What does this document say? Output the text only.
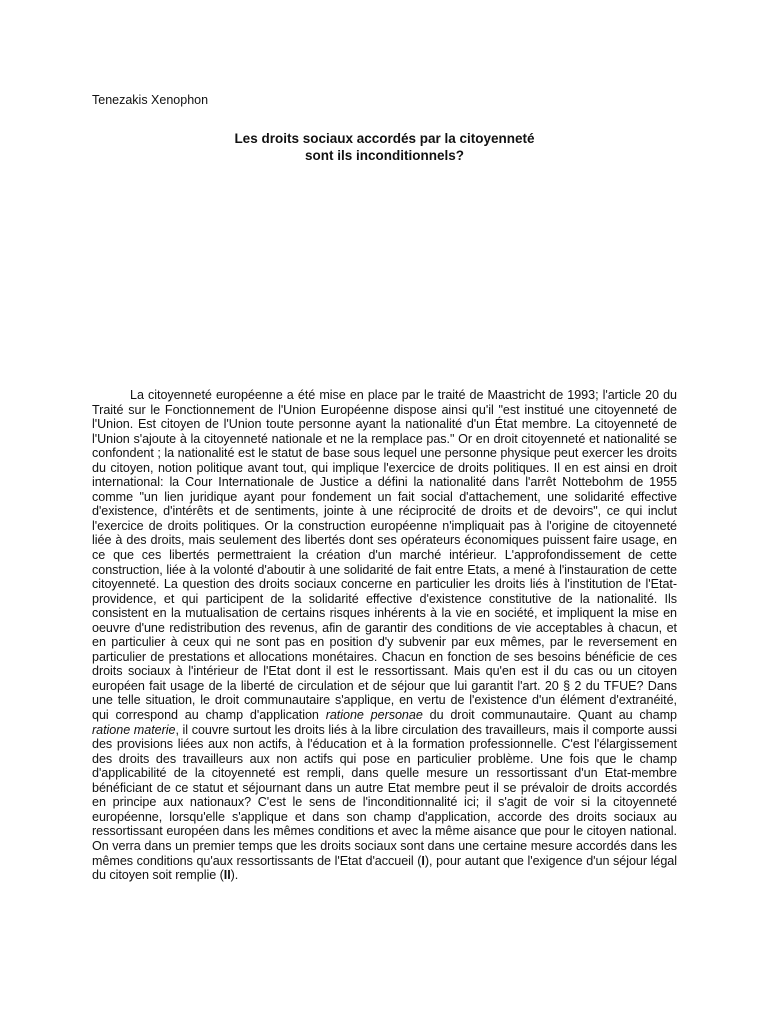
Tenezakis Xenophon
Les droits sociaux accordés par la citoyenneté
sont ils inconditionnels?
La citoyenneté européenne a été mise en place par le traité de Maastricht de 1993; l'article 20 du Traité sur le Fonctionnement de l'Union Européenne dispose ainsi qu'il "est institué une citoyenneté de l'Union. Est citoyen de l'Union toute personne ayant la nationalité d'un État membre. La citoyenneté de l'Union s'ajoute à la citoyenneté nationale et ne la remplace pas." Or en droit citoyenneté et nationalité se confondent ; la nationalité est le statut de base sous lequel une personne physique peut exercer les droits du citoyen, notion politique avant tout, qui implique l'exercice de droits politiques. Il en est ainsi en droit international: la Cour Internationale de Justice a défini la nationalité dans l'arrêt Nottebohm de 1955 comme "un lien juridique ayant pour fondement un fait social d'attachement, une solidarité effective d'existence, d'intérêts et de sentiments, jointe à une réciprocité de droits et de devoirs", ce qui inclut l'exercice de droits politiques. Or la construction européenne n'impliquait pas à l'origine de citoyenneté liée à des droits, mais seulement des libertés dont ses opérateurs économiques puissent faire usage, en ce que ces libertés permettraient la création d'un marché intérieur. L'approfondissement de cette construction, liée à la volonté d'aboutir à une solidarité de fait entre Etats, a mené à l'instauration de cette citoyenneté. La question des droits sociaux concerne en particulier les droits liés à l'institution de l'Etat-providence, et qui participent de la solidarité effective d'existence constitutive de la nationalité. Ils consistent en la mutualisation de certains risques inhérents à la vie en société, et impliquent la mise en oeuvre d'une redistribution des revenus, afin de garantir des conditions de vie acceptables à chacun, et en particulier à ceux qui ne sont pas en position d'y subvenir par eux mêmes, par le reversement en particulier de prestations et allocations monétaires. Chacun en fonction de ses besoins bénéficie de ces droits sociaux à l'intérieur de l'Etat dont il est le ressortissant. Mais qu'en est il du cas ou un citoyen européen fait usage de la liberté de circulation et de séjour que lui garantit l'art. 20 § 2 du TFUE? Dans une telle situation, le droit communautaire s'applique, en vertu de l'existence d'un élément d'extranéité, qui correspond au champ d'application ratione personae du droit communautaire. Quant au champ ratione materie, il couvre surtout les droits liés à la libre circulation des travailleurs, mais il comporte aussi des provisions liées aux non actifs, à l'éducation et à la formation professionnelle. C'est l'élargissement des droits des travailleurs aux non actifs qui pose en particulier problème. Une fois que le champ d'applicabilité de la citoyenneté est rempli, dans quelle mesure un ressortissant d'un Etat-membre bénéficiant de ce statut et séjournant dans un autre Etat membre peut il se prévaloir de droits accordés en principe aux nationaux? C'est le sens de l'inconditionnalité ici; il s'agit de voir si la citoyenneté européenne, lorsqu'elle s'applique et dans son champ d'application, accorde des droits sociaux au ressortissant européen dans les mêmes conditions et avec la même aisance que pour le citoyen national. On verra dans un premier temps que les droits sociaux sont dans une certaine mesure accordés dans les mêmes conditions qu'aux ressortissants de l'Etat d'accueil (I), pour autant que l'exigence d'un séjour légal du citoyen soit remplie (II).
